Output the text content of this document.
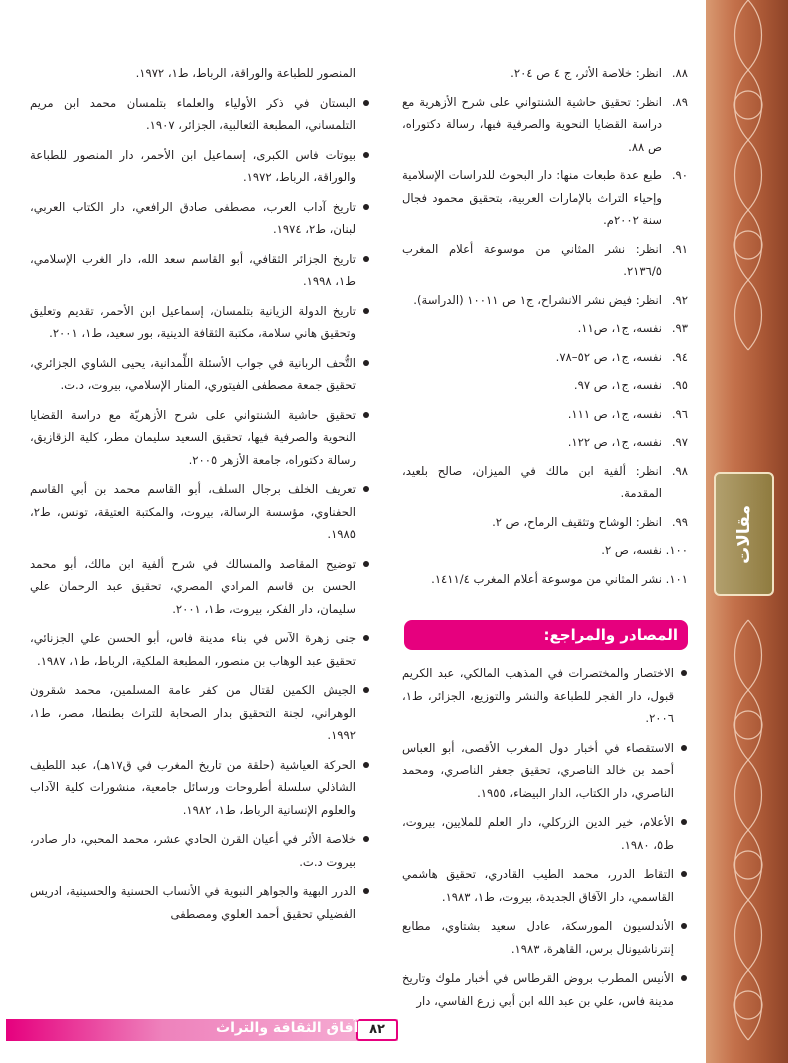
مقالات
٨٨.
انظر: خلاصة الأثر، ج ٤ ص ٢٠٤.
٨٩.
انظر: تحقيق حاشية الشنتواني على شرح الأزهرية مع دراسة القضايا النحوية والصرفية فيها، رسالة دكتوراه، ص ٨٨.
٩٠.
طبع عدة طبعات منها: دار البحوث للدراسات الإسلامية وإحياء التراث بالإمارات العربية، بتحقيق محمود فجال سنة ٢٠٠٢م.
٩١.
انظر: نشر المثاني من موسوعة أعلام المغرب ٢١٣٦/٥.
٩٢.
انظر: فيض نشر الانشراح، ج١ ص ١٠٠١١ (الدراسة).
٩٣.
نفسه، ج١، ص١١.
٩٤.
نفسه، ج١، ص ٥٢–٧٨.
٩٥.
نفسه، ج١، ص ٩٧.
٩٦.
نفسه، ج١، ص ١١١.
٩٧.
نفسه، ج١، ص ١٢٢.
٩٨.
انظر: ألفية ابن مالك في الميزان، صالح بلعيد، المقدمة.
٩٩.
انظر: الوشاح وتثقيف الرماح، ص ٢.
١٠٠.
نفسه، ص ٢.
١٠١.
نشر المثاني من موسوعة أعلام المغرب ١٤١١/٤.
المصادر والمراجع:
الاختصار والمختصرات في المذهب المالكي، عبد الكريم قبول، دار الفجر للطباعة والنشر والتوزيع، الجزائر، ط١، ٢٠٠٦.
الاستقصاء في أخبار دول المغرب الأقصى، أبو العباس أحمد بن خالد الناصري، تحقيق جعفر الناصري، ومحمد الناصري، دار الكتاب، الدار البيضاء، ١٩٥٥.
الأعلام، خير الدين الزركلي، دار العلم للملايين، بيروت، ط٥، ١٩٨٠.
التقاط الدرر، محمد الطيب القادري، تحقيق هاشمي القاسمي، دار الآفاق الجديدة، بيروت، ط١، ١٩٨٣.
الأندلسيون المورسكة، عادل سعيد بشتاوي، مطابع إنترناشيونال برس، القاهرة، ١٩٨٣.
الأنيس المطرب بروض القرطاس في أخبار ملوك وتاريخ مدينة فاس، علي بن عبد الله ابن أبي زرع الفاسي، دار
المنصور للطباعة والوراقة، الرباط، ط١، ١٩٧٢.
البستان في ذكر الأولياء والعلماء بتلمسان محمد ابن مريم التلمساني، المطبعة الثعالبية، الجزائر، ١٩٠٧.
بيوتات فاس الكبرى، إسماعيل ابن الأحمر، دار المنصور للطباعة والوراقة، الرباط، ١٩٧٢.
تاريخ آداب العرب، مصطفى صادق الرافعي، دار الكتاب العربي، لبنان، ط٢، ١٩٧٤.
تاريخ الجزائر الثقافي، أبو القاسم سعد الله، دار الغرب الإسلامي، ط١، ١٩٩٨.
تاريخ الدولة الزيانية بتلمسان، إسماعيل ابن الأحمر، تقديم وتعليق وتحقيق هاني سلامة، مكتبة الثقافة الدينية، بور سعيد، ط١، ٢٠٠١.
التُّحف الربانية في جواب الأسئلة اللِّمدانية، يحيى الشاوي الجزائري، تحقيق جمعة مصطفى الفيتوري، المنار الإسلامي، بيروت، د.ت.
تحقيق حاشية الشنتواني على شرح الأزهريّة مع دراسة القضايا النحوية والصرفية فيها، تحقيق السعيد سليمان مطر، كلية الزقازيق، رسالة دكتوراه، جامعة الأزهر ٢٠٠٥.
تعريف الخلف برجال السلف، أبو القاسم محمد بن أبي القاسم الحفناوي، مؤسسة الرسالة، بيروت، والمكتبة العتيقة، تونس، ط٢، ١٩٨٥.
توضيح المقاصد والمسالك في شرح ألفية ابن مالك، أبو محمد الحسن بن قاسم المرادي المصري، تحقيق عبد الرحمان علي سليمان، دار الفكر، بيروت، ط١، ٢٠٠١.
جنى زهرة الآس في بناء مدينة فاس، أبو الحسن علي الجزنائي، تحقيق عبد الوهاب بن منصور، المطبعة الملكية، الرباط، ط١، ١٩٨٧.
الجيش الكمين لقتال من كفر عامة المسلمين، محمد شقرون الوهراني، لجنة التحقيق بدار الصحابة للتراث بطنطا، مصر، ط١، ١٩٩٢.
الحركة العياشية (حلقة من تاريخ المغرب في ق١٧هـ)، عبد اللطيف الشاذلي سلسلة أطروحات ورسائل جامعية، منشورات كلية الآداب والعلوم الإنسانية الرباط، ط١، ١٩٨٢.
خلاصة الأثر في أعيان القرن الحادي عشر، محمد المحبي، دار صادر، بيروت د.ت.
الدرر البهية والجواهر النبوية في الأنساب الحسنية والحسينية، ادريس الفضيلي تحقيق أحمد العلوي ومصطفى
٨٢
آفاق الثقافة والتراث
